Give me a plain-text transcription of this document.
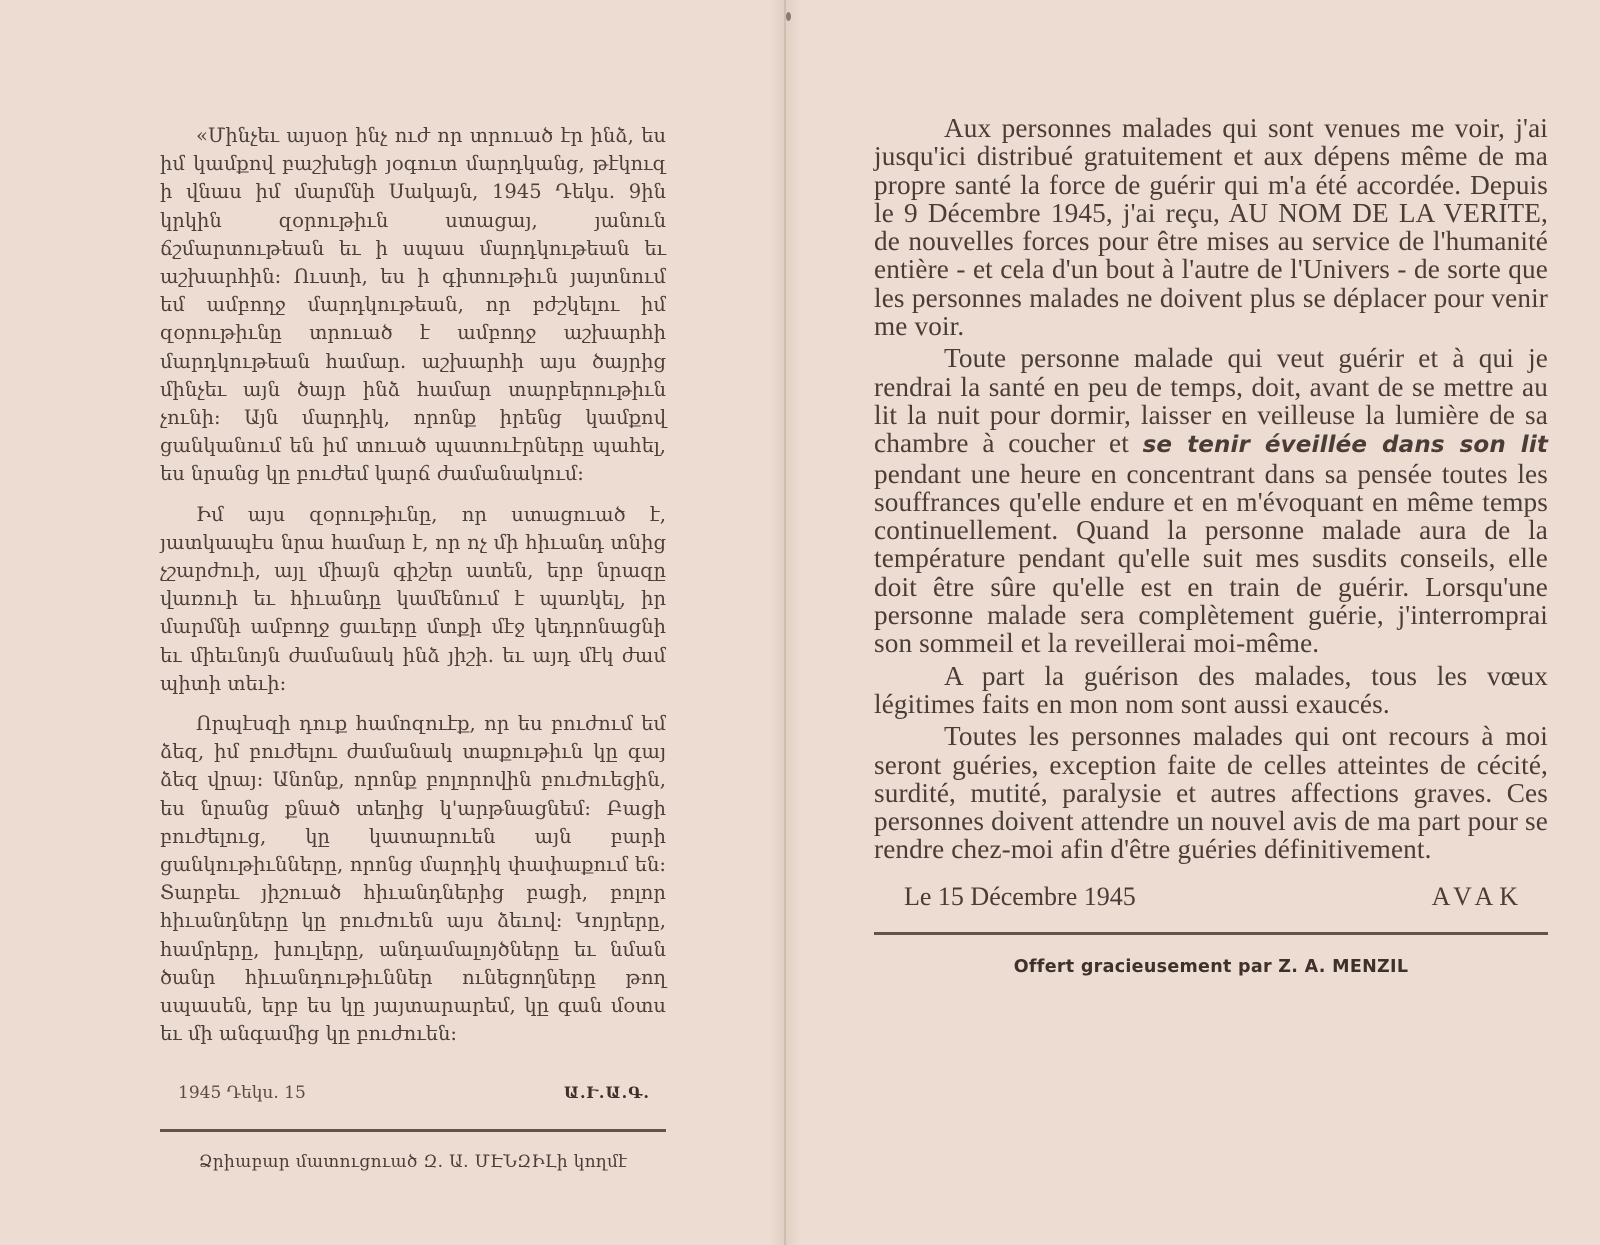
«Մինչեւ այսօր ինչ ուժ որ տրուած էր ինձ, ես իմ կամքով բաշխեցի յօգուտ մարդկանց, թէկուզ ի վնաս իմ մարմնի Սակայն, 1945 Դեկս. 9ին կրկին զօրութիւն ստացայ, յանուն ճշմարտութեան եւ ի սպաս մարդկութեան եւ աշխարհին: Ուստի, ես ի գիտութիւն յայտնում եմ ամբողջ մարդկութեան, որ բժշկելու իմ զօրութիւնը տրուած է ամբողջ աշխարհի մարդկութեան համար. աշխարհի այս ծայրից մինչեւ այն ծայր ինձ համար տարբերութիւն չունի: Այն մարդիկ, որոնք իրենց կամքով ցանկանում են իմ տուած պատուէրները պահել, ես նրանց կը բուժեմ կարճ ժամանակում:

Իմ այս զօրութիւնը, որ ստացուած է, յատկապէս նրա համար է, որ ոչ մի հիւանդ տնից չշարժուի, այլ միայն գիշեր ատեն, երբ նրազը վառուի եւ հիւանդը կամենում է պառկել, իր մարմնի ամբողջ ցաւերը մտքի մէջ կեդրոնացնի եւ միեւնոյն ժամանակ ինձ յիշի. եւ այդ մէկ ժամ պիտի տեւի:

Որպէսզի դուք համոզուէք, որ ես բուժում եմ ձեզ, իմ բուժելու ժամանակ տաքութիւն կը գայ ձեզ վրայ: Անոնք, որոնք բոլորովին բուժուեցին, ես նրանց քնած տեղից կ'արթնացնեմ: Բացի բուժելուց, կը կատարուեն այն բարի ցանկութիւնները, որոնց մարդիկ փափաքում են: Տարբեւ յիշուած հիւանդներից բացի, բոլոր հիւանդները կը բուժուեն այս ձեւով: Կոյրերը, համրերը, խուլերը, անդամալոյծները եւ նման ծանր հիւանդութիւններ ունեցողները թող սպասեն, երբ ես կը յայտարարեմ, կը գան մօտս եւ մի անգամից կը բուժուեն:

1945 Դեկս. 15	Ա.Ւ.Ա.Գ.
Ձրիաբար մատուցուած Զ. Ա. ՄԷՆԶԻԼի կողմէ

Aux personnes malades qui sont venues me voir, j'ai jusqu'ici distribué gratuitement et aux dépens même de ma propre santé la force de guérir qui m'a été accordée. Depuis le 9 Décembre 1945, j'ai reçu, AU NOM DE LA VERITE, de nouvelles forces pour être mises au service de l'humanité entière - et cela d'un bout à l'autre de l'Univers - de sorte que les personnes malades ne doivent plus se déplacer pour venir me voir.

Toute personne malade qui veut guérir et à qui je rendrai la santé en peu de temps, doit, avant de se mettre au lit la nuit pour dormir, laisser en veilleuse la lumière de sa chambre à coucher et se tenir éveillée dans son lit pendant une heure en concentrant dans sa pensée toutes les souffrances qu'elle endure et en m'évoquant en même temps continuellement. Quand la personne malade aura de la température pendant qu'elle suit mes susdits conseils, elle doit être sûre qu'elle est en train de guérir. Lorsqu'une personne malade sera complètement guérie, j'interromprai son sommeil et la reveillerai moi-même.

A part la guérison des malades, tous les vœux légitimes faits en mon nom sont aussi exaucés.

Toutes les personnes malades qui ont recours à moi seront guéries, exception faite de celles atteintes de cécité, surdité, mutité, paralysie et autres affections graves. Ces personnes doivent attendre un nouvel avis de ma part pour se rendre chez-moi afin d'être guéries définitivement.

Le 15 Décembre 1945	AVAK
Offert gracieusement par Z. A. MENZIL
